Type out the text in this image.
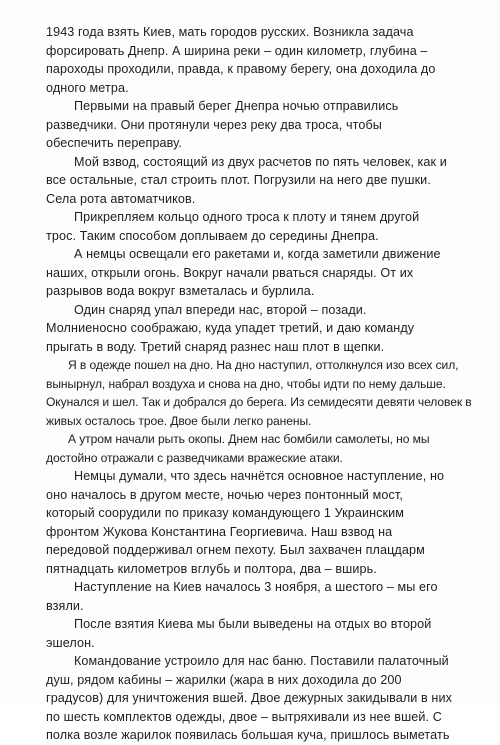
1943 года взять Киев, мать городов русских. Возникла задача
форсировать Днепр. А ширина реки – один километр, глубина –
пароходы проходили, правда, к правому берегу, она доходила до
одного метра.
Первыми на правый берег Днепра ночью отправились
разведчики. Они протянули через реку два троса, чтобы
обеспечить переправу.
Мой взвод, состоящий из двух расчетов по пять человек, как и
все остальные, стал строить плот. Погрузили на него две пушки.
Села рота автоматчиков.
Прикрепляем кольцо одного троса к плоту и тянем другой
трос. Таким способом доплываем до середины Днепра.
А немцы освещали его ракетами и, когда заметили движение
наших, открыли огонь. Вокруг начали рваться снаряды. От их
разрывов вода вокруг взметалась и бурлила.
Один снаряд упал впереди нас, второй – позади.
Молниеносно соображаю, куда упадет третий, и даю команду
прыгать в воду. Третий снаряд разнес наш плот в щепки.
Я в одежде пошел на дно. На дно наступил, оттолкнулся изо всех сил,
вынырнул, набрал воздуха и снова на дно, чтобы идти по нему дальше.
Окунался и шел. Так и добрался до берега. Из семидесяти девяти человек в
живых осталось трое. Двое были легко ранены.
А утром начали рыть окопы. Днем нас бомбили самолеты, но мы
достойно отражали с разведчиками вражеские атаки.
Немцы думали, что здесь начнётся основное наступление, но
оно началось в другом месте, ночью через понтонный мост,
который соорудили по приказу командующего 1 Украинским
фронтом Жукова Константина Георгиевича. Наш взвод на
передовой поддерживал огнем пехоту. Был захвачен плацдарм
пятнадцать километров вглубь и полтора, два – вширь.
Наступление на Киев началось 3 ноября, а шестого – мы его
взяли.
После взятия Киева мы были выведены на отдых во второй
эшелон.
Командование устроило для нас баню. Поставили палаточный
душ, рядом кабины – жарилки (жара в них доходила до 200
градусов) для уничтожения вшей. Двое дежурных закидывали в них
по шесть комплектов одежды, двое – вытряхивали из нее вшей. С
полка возле жарилок появилась большая куча, пришлось выметать
